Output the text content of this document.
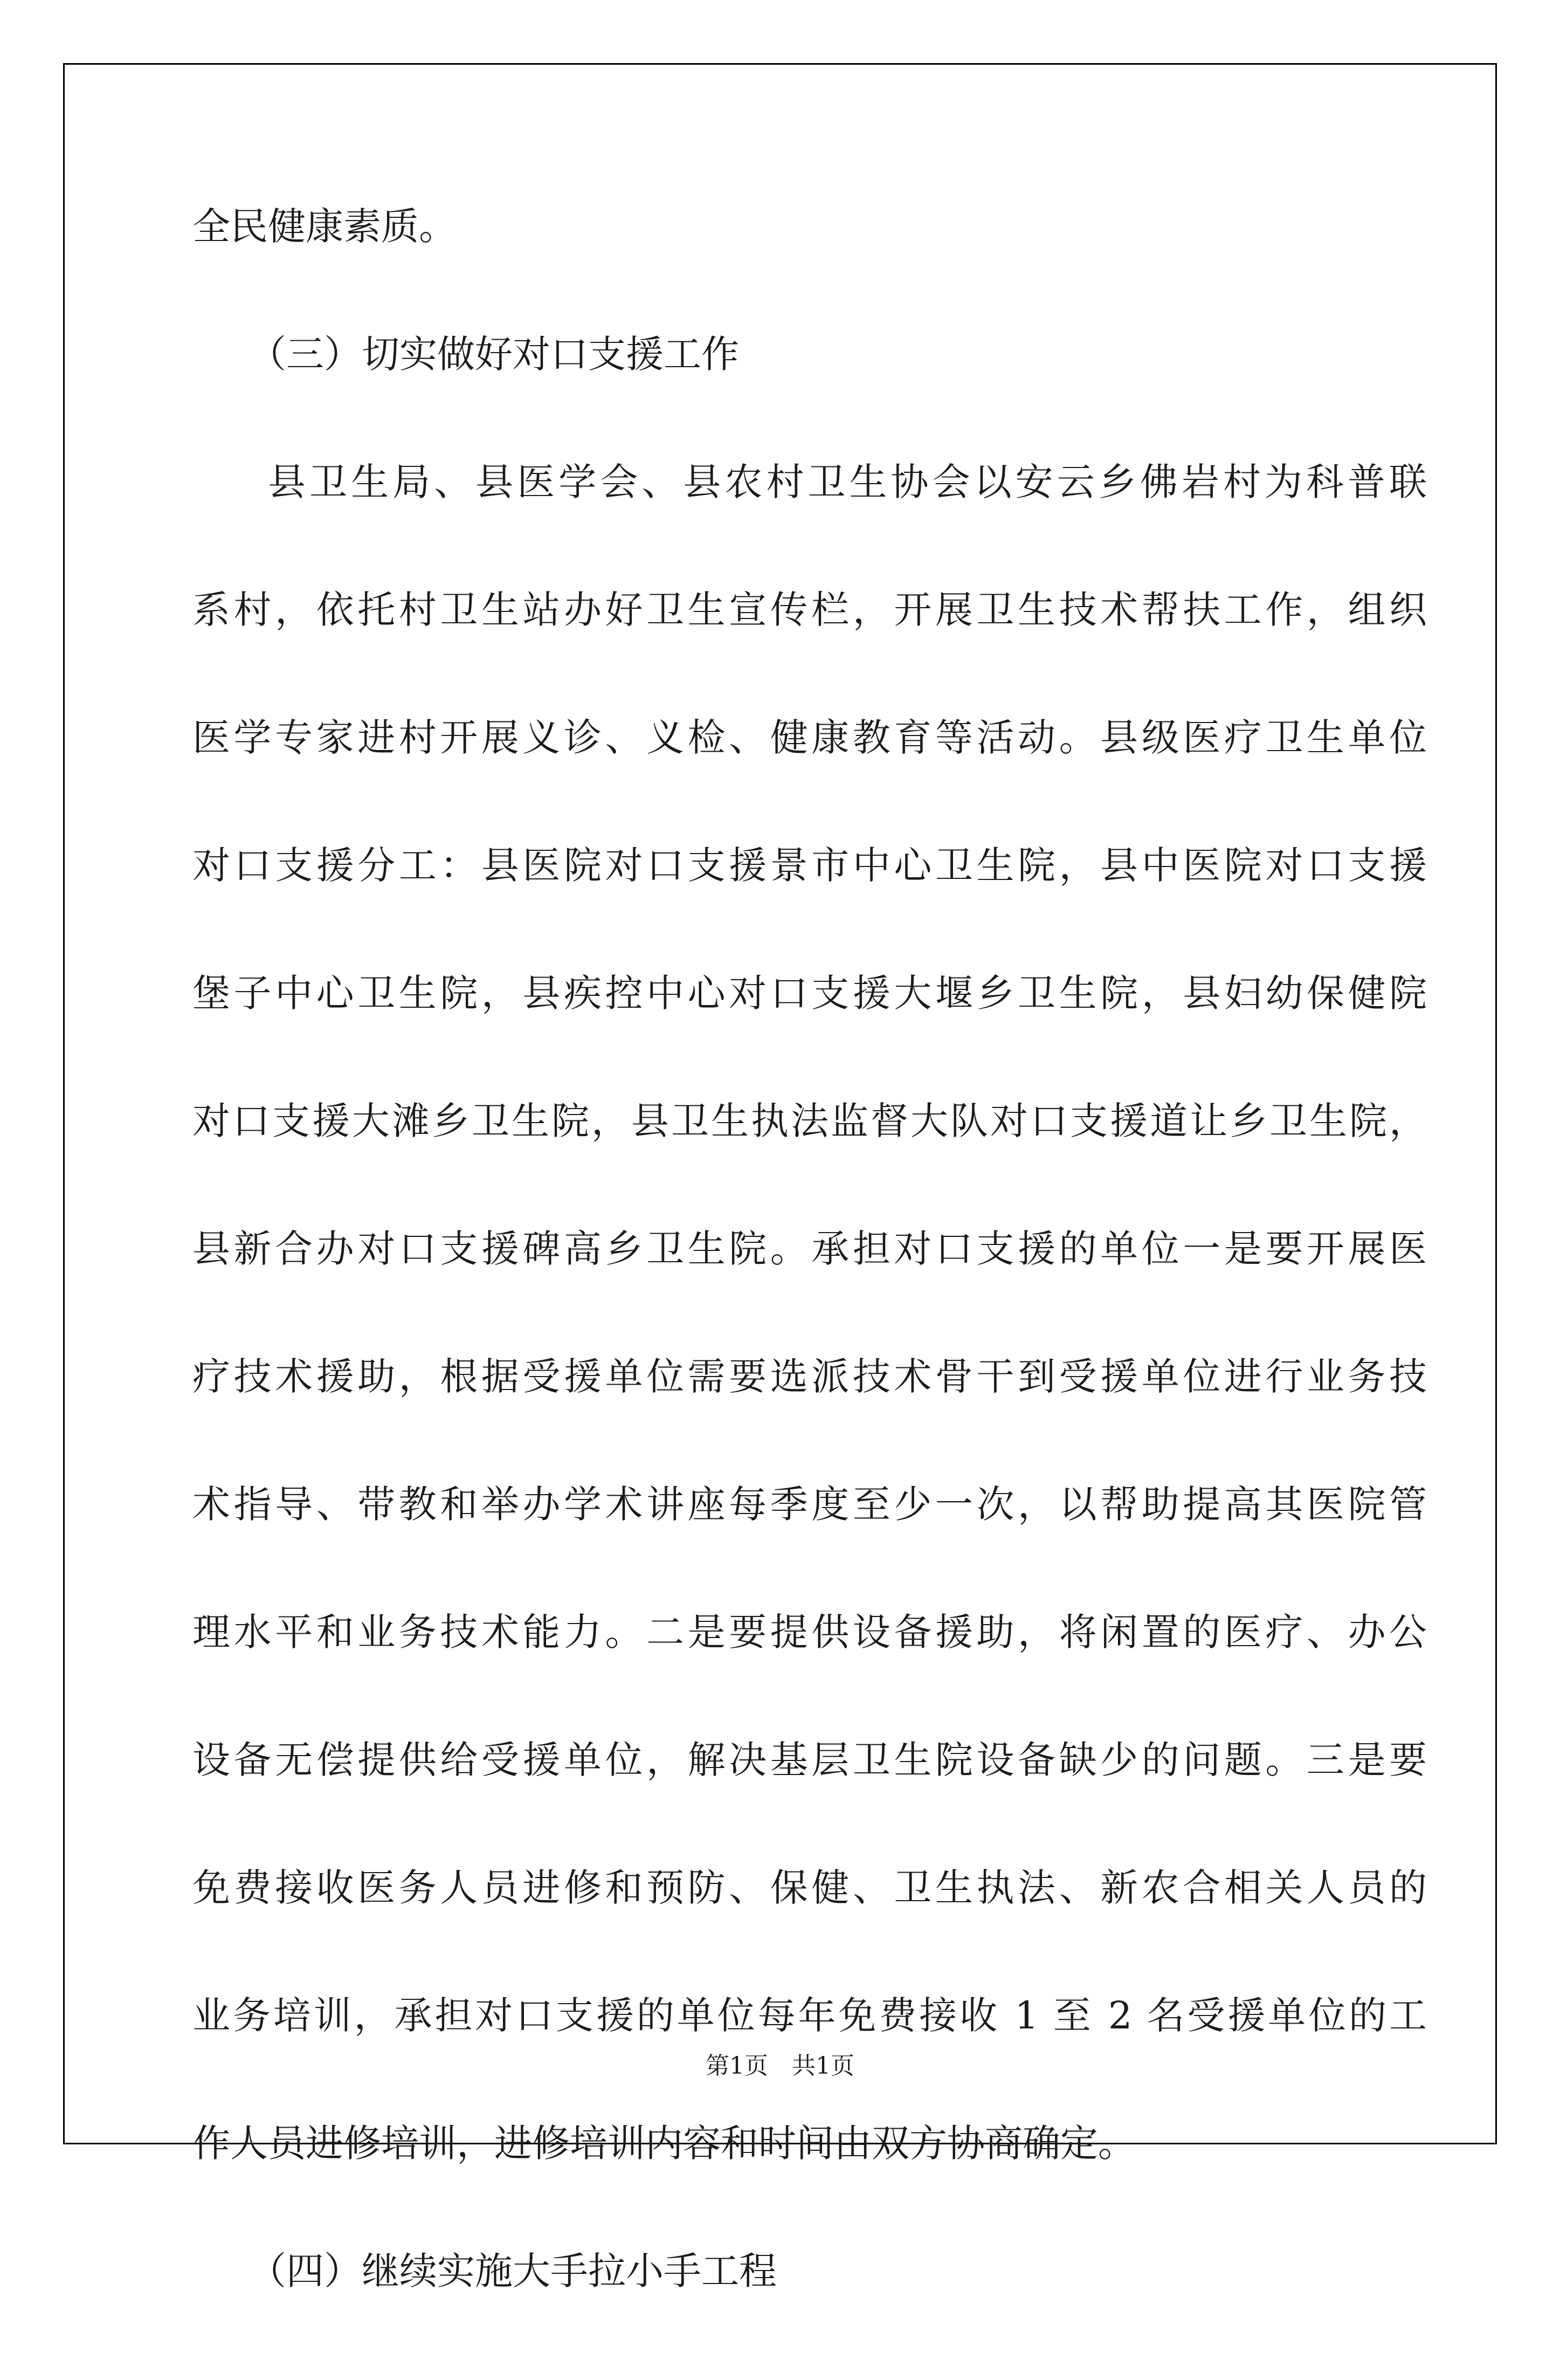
全民健康素质。
（三）切实做好对口支援工作
县卫生局、县医学会、县农村卫生协会以安云乡佛岩村为科普联
系村，依托村卫生站办好卫生宣传栏，开展卫生技术帮扶工作，组织
医学专家进村开展义诊、义检、健康教育等活动。县级医疗卫生单位
对口支援分工：县医院对口支援景市中心卫生院，县中医院对口支援
堡子中心卫生院，县疾控中心对口支援大堰乡卫生院，县妇幼保健院
对口支援大滩乡卫生院，县卫生执法监督大队对口支援道让乡卫生院，
县新合办对口支援碑高乡卫生院。承担对口支援的单位一是要开展医
疗技术援助，根据受援单位需要选派技术骨干到受援单位进行业务技
术指导、带教和举办学术讲座每季度至少一次，以帮助提高其医院管
理水平和业务技术能力。二是要提供设备援助，将闲置的医疗、办公
设备无偿提供给受援单位，解决基层卫生院设备缺少的问题。三是要
免费接收医务人员进修和预防、保健、卫生执法、新农合相关人员的
业务培训，承担对口支援的单位每年免费接收 1 至 2 名受援单位的工
作人员进修培训，进修培训内容和时间由双方协商确定。
（四）继续实施大手拉小手工程
第1页　共1页
